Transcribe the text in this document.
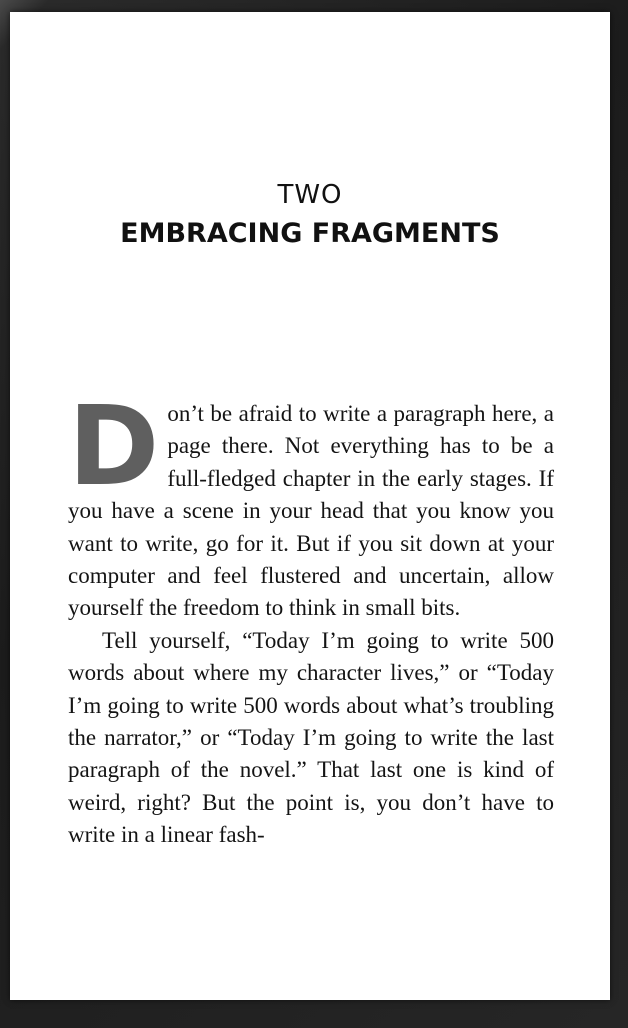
TWO
EMBRACING FRAGMENTS

Don’t be afraid to write a paragraph here, a page there. Not everything has to be a full-fledged chapter in the early stages. If you have a scene in your head that you know you want to write, go for it. But if you sit down at your computer and feel flustered and uncertain, allow yourself the freedom to think in small bits.

Tell yourself, “Today I’m going to write 500 words about where my character lives,” or “Today I’m going to write 500 words about what’s troubling the narrator,” or “Today I’m going to write the last paragraph of the novel.” That last one is kind of weird, right? But the point is, you don’t have to write in a linear fash-
